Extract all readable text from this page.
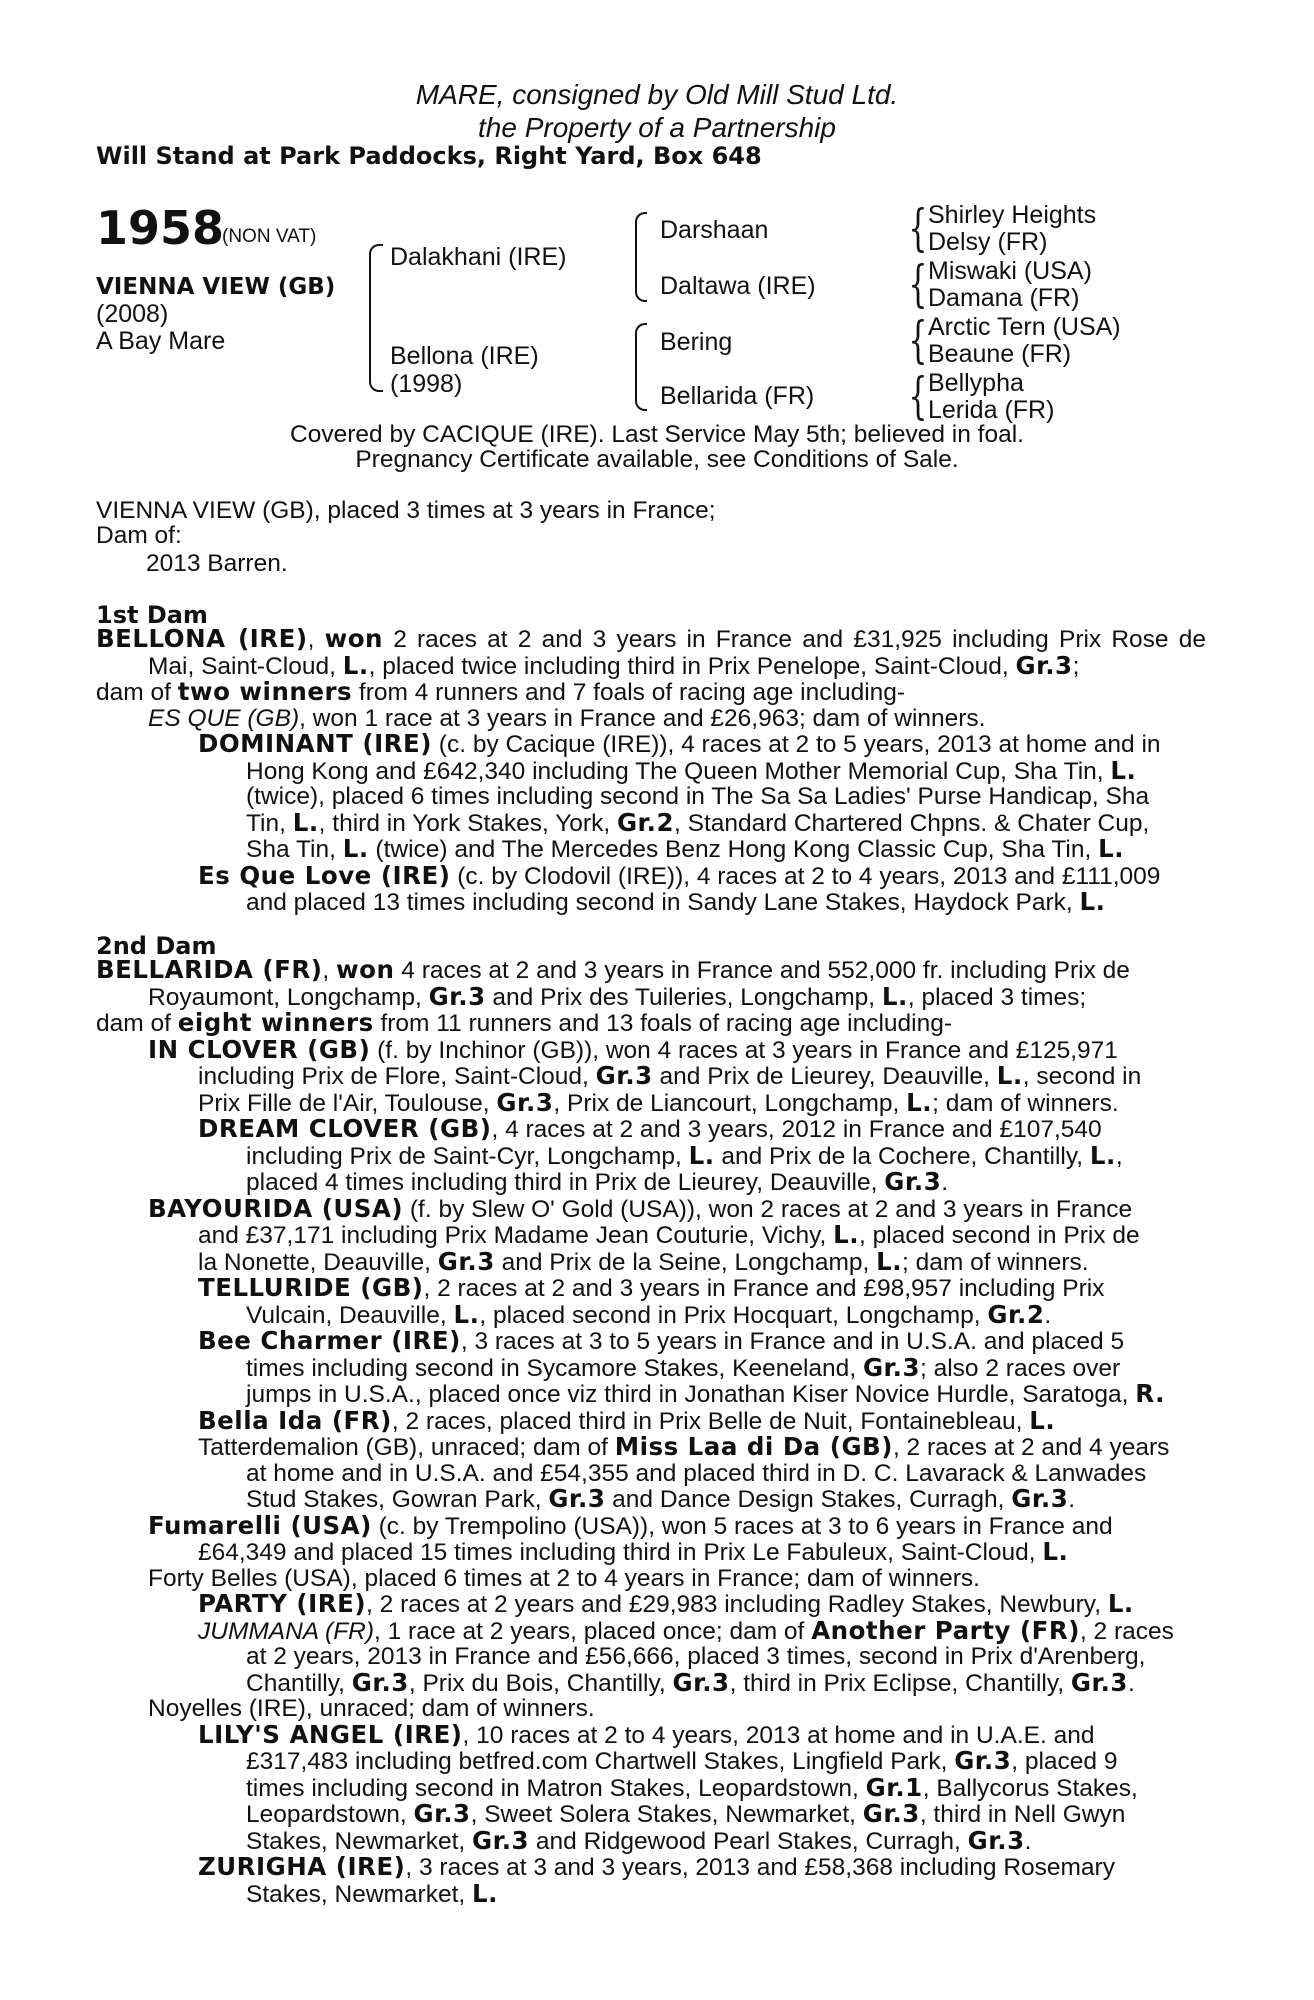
MARE, consigned by Old Mill Stud Ltd.
the Property of a Partnership
Will Stand at Park Paddocks, Right Yard, Box 648
1958
(NON VAT)
VIENNA VIEW (GB)
(2008)
A Bay Mare
Dalakhani (IRE)
Bellona (IRE)
(1998)
Darshaan
Daltawa (IRE)
Bering
Bellarida (FR)
{
{
{
{
Shirley Heights
Delsy (FR)
Miswaki (USA)
Damana (FR)
Arctic Tern (USA)
Beaune (FR)
Bellypha
Lerida (FR)
Covered by CACIQUE (IRE). Last Service May 5th; believed in foal.
Pregnancy Certificate available, see Conditions of Sale.
VIENNA VIEW (GB), placed 3 times at 3 years in France;
Dam of:
2013 Barren.
1st Dam
BELLONA (IRE), won 2 races at 2 and 3 years in France and £31,925 including Prix Rose de
Mai, Saint-Cloud, L., placed twice including third in Prix Penelope, Saint-Cloud, Gr.3;
dam of two winners from 4 runners and 7 foals of racing age including-
ES QUE (GB), won 1 race at 3 years in France and £26,963; dam of winners.
DOMINANT (IRE) (c. by Cacique (IRE)), 4 races at 2 to 5 years, 2013 at home and in
Hong Kong and £642,340 including The Queen Mother Memorial Cup, Sha Tin, L.
(twice), placed 6 times including second in The Sa Sa Ladies' Purse Handicap, Sha
Tin, L., third in York Stakes, York, Gr.2, Standard Chartered Chpns. & Chater Cup,
Sha Tin, L. (twice) and The Mercedes Benz Hong Kong Classic Cup, Sha Tin, L.
Es Que Love (IRE) (c. by Clodovil (IRE)), 4 races at 2 to 4 years, 2013 and £111,009
and placed 13 times including second in Sandy Lane Stakes, Haydock Park, L.
2nd Dam
BELLARIDA (FR), won 4 races at 2 and 3 years in France and 552,000 fr. including Prix de
Royaumont, Longchamp, Gr.3 and Prix des Tuileries, Longchamp, L., placed 3 times;
dam of eight winners from 11 runners and 13 foals of racing age including-
IN CLOVER (GB) (f. by Inchinor (GB)), won 4 races at 3 years in France and £125,971
including Prix de Flore, Saint-Cloud, Gr.3 and Prix de Lieurey, Deauville, L., second in
Prix Fille de l'Air, Toulouse, Gr.3, Prix de Liancourt, Longchamp, L.; dam of winners.
DREAM CLOVER (GB), 4 races at 2 and 3 years, 2012 in France and £107,540
including Prix de Saint-Cyr, Longchamp, L. and Prix de la Cochere, Chantilly, L.,
placed 4 times including third in Prix de Lieurey, Deauville, Gr.3.
BAYOURIDA (USA) (f. by Slew O' Gold (USA)), won 2 races at 2 and 3 years in France
and £37,171 including Prix Madame Jean Couturie, Vichy, L., placed second in Prix de
la Nonette, Deauville, Gr.3 and Prix de la Seine, Longchamp, L.; dam of winners.
TELLURIDE (GB), 2 races at 2 and 3 years in France and £98,957 including Prix
Vulcain, Deauville, L., placed second in Prix Hocquart, Longchamp, Gr.2.
Bee Charmer (IRE), 3 races at 3 to 5 years in France and in U.S.A. and placed 5
times including second in Sycamore Stakes, Keeneland, Gr.3; also 2 races over
jumps in U.S.A., placed once viz third in Jonathan Kiser Novice Hurdle, Saratoga, R.
Bella Ida (FR), 2 races, placed third in Prix Belle de Nuit, Fontainebleau, L.
Tatterdemalion (GB), unraced; dam of Miss Laa di Da (GB), 2 races at 2 and 4 years
at home and in U.S.A. and £54,355 and placed third in D. C. Lavarack & Lanwades
Stud Stakes, Gowran Park, Gr.3 and Dance Design Stakes, Curragh, Gr.3.
Fumarelli (USA) (c. by Trempolino (USA)), won 5 races at 3 to 6 years in France and
£64,349 and placed 15 times including third in Prix Le Fabuleux, Saint-Cloud, L.
Forty Belles (USA), placed 6 times at 2 to 4 years in France; dam of winners.
PARTY (IRE), 2 races at 2 years and £29,983 including Radley Stakes, Newbury, L.
JUMMANA (FR), 1 race at 2 years, placed once; dam of Another Party (FR), 2 races
at 2 years, 2013 in France and £56,666, placed 3 times, second in Prix d'Arenberg,
Chantilly, Gr.3, Prix du Bois, Chantilly, Gr.3, third in Prix Eclipse, Chantilly, Gr.3.
Noyelles (IRE), unraced; dam of winners.
LILY'S ANGEL (IRE), 10 races at 2 to 4 years, 2013 at home and in U.A.E. and
£317,483 including betfred.com Chartwell Stakes, Lingfield Park, Gr.3, placed 9
times including second in Matron Stakes, Leopardstown, Gr.1, Ballycorus Stakes,
Leopardstown, Gr.3, Sweet Solera Stakes, Newmarket, Gr.3, third in Nell Gwyn
Stakes, Newmarket, Gr.3 and Ridgewood Pearl Stakes, Curragh, Gr.3.
ZURIGHA (IRE), 3 races at 3 and 3 years, 2013 and £58,368 including Rosemary
Stakes, Newmarket, L.
